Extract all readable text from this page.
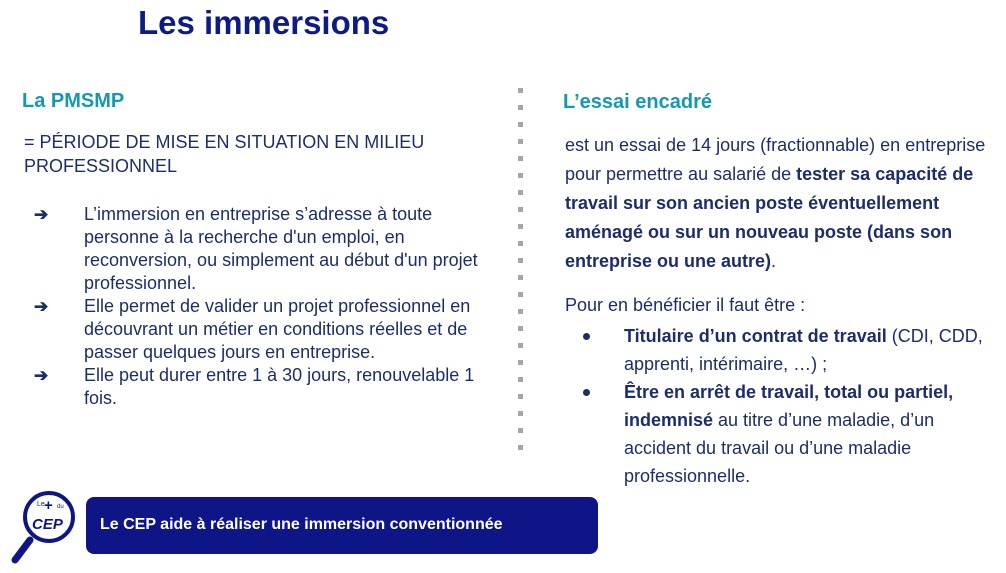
Les immersions
La PMSMP
= PÉRIODE DE MISE EN SITUATION EN MILIEU PROFESSIONNEL
➔ L’immersion en entreprise s’adresse à toute personne à la recherche d'un emploi, en reconversion, ou simplement au début d'un projet professionnel.
➔ Elle permet de valider un projet professionnel en découvrant un métier en conditions réelles et de passer quelques jours en entreprise.
➔ Elle peut durer entre 1 à 30 jours, renouvelable 1 fois.
L’essai encadré
est un essai de 14 jours (fractionnable) en entreprise pour permettre au salarié de tester sa capacité de travail sur son ancien poste éventuellement aménagé ou sur un nouveau poste (dans son entreprise ou une autre).
Pour en bénéficier il faut être :
Titulaire d’un contrat de travail (CDI, CDD, apprenti, intérimaire, …) ;
Être en arrêt de travail, total ou partiel, indemnisé au titre d’une maladie, d’un accident du travail ou d’une maladie professionnelle.
Le + du
CEP Le CEP aide à réaliser une immersion conventionnée
